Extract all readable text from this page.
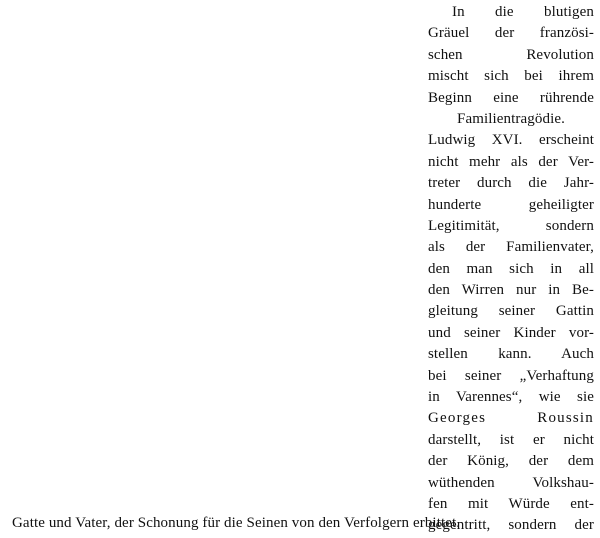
In die blutigen
Gräuel der französi-
schen Revolution
mischt sich bei ihrem
Beginn eine rührende
Familientragödie.
Ludwig XVI. erscheint
nicht mehr als der Ver-
treter durch die Jahr-
hunderte geheiligter
Legitimität, sondern
als der Familienvater,
den man sich in all
den Wirren nur in Be-
gleitung seiner Gattin
und seiner Kinder vor-
stellen kann. Auch
bei seiner „Verhaftung
in Varennes“, wie sie
Georges Roussin
darstellt, ist er nicht
der König, der dem
wüthenden Volkshau-
fen mit Würde ent-
gegentritt, sondern der
Gatte und Vater, der Schonung für die Seinen von den Verfolgern erbittet.
